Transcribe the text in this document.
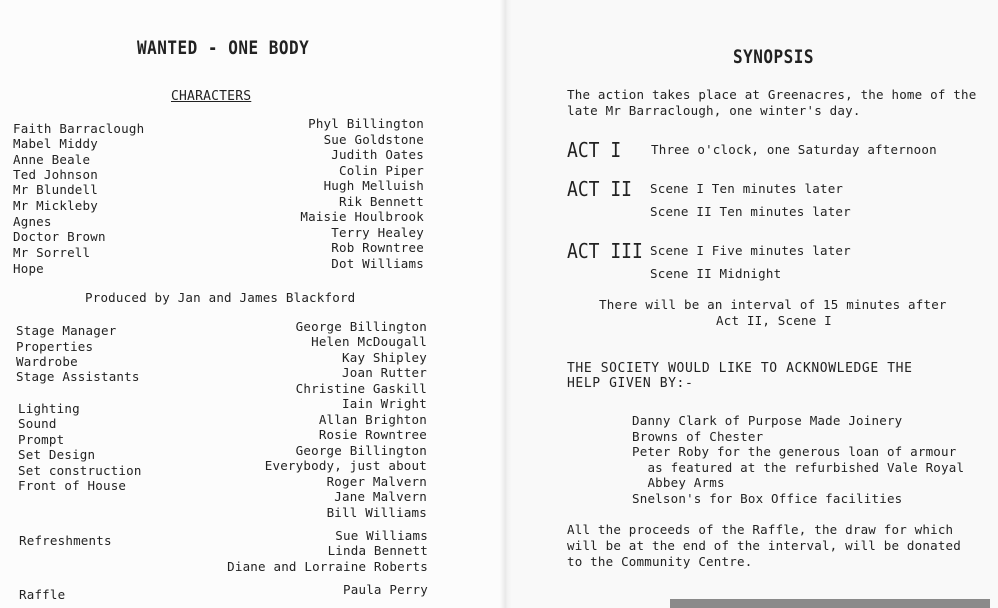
WANTED - ONE BODY
CHARACTERS
Faith Barraclough
Mabel Middy
Anne Beale
Ted Johnson
Mr Blundell
Mr Mickleby
Agnes
Doctor Brown
Mr Sorrell
Hope
Phyl Billington
Sue Goldstone
Judith Oates
Colin Piper
Hugh Melluish
Rik Bennett
Maisie Houlbrook
Terry Healey
Rob Rowntree
Dot Williams
Produced by Jan and James Blackford
Stage Manager
Properties
Wardrobe
Stage Assistants
Lighting
Sound
Prompt
Set Design
Set construction
Front of House
George Billington
Helen McDougall
Kay Shipley
Joan Rutter
Christine Gaskill
Iain Wright
Allan Brighton
Rosie Rowntree
George Billington
Everybody, just about
Roger Malvern
Jane Malvern
Bill Williams
Refreshments	Sue Williams
Linda Bennett
Diane and Lorraine Roberts
Raffle	Paula Perry
SYNOPSIS
The action takes place at Greenacres, the home of the
late Mr Barraclough, one winter's day.
ACT I Three o'clock, one Saturday afternoon
ACT II Scene I Ten minutes later
Scene II Ten minutes later
ACT III Scene I Five minutes later
Scene II Midnight
There will be an interval of 15 minutes after
Act II, Scene I
THE SOCIETY WOULD LIKE TO ACKNOWLEDGE THE
HELP GIVEN BY:-
Danny Clark of Purpose Made Joinery
Browns of Chester
Peter Roby for the generous loan of armour
as featured at the refurbished Vale Royal
Abbey Arms
Snelson's for Box Office facilities
All the proceeds of the Raffle, the draw for which
will be at the end of the interval, will be donated
to the Community Centre.
